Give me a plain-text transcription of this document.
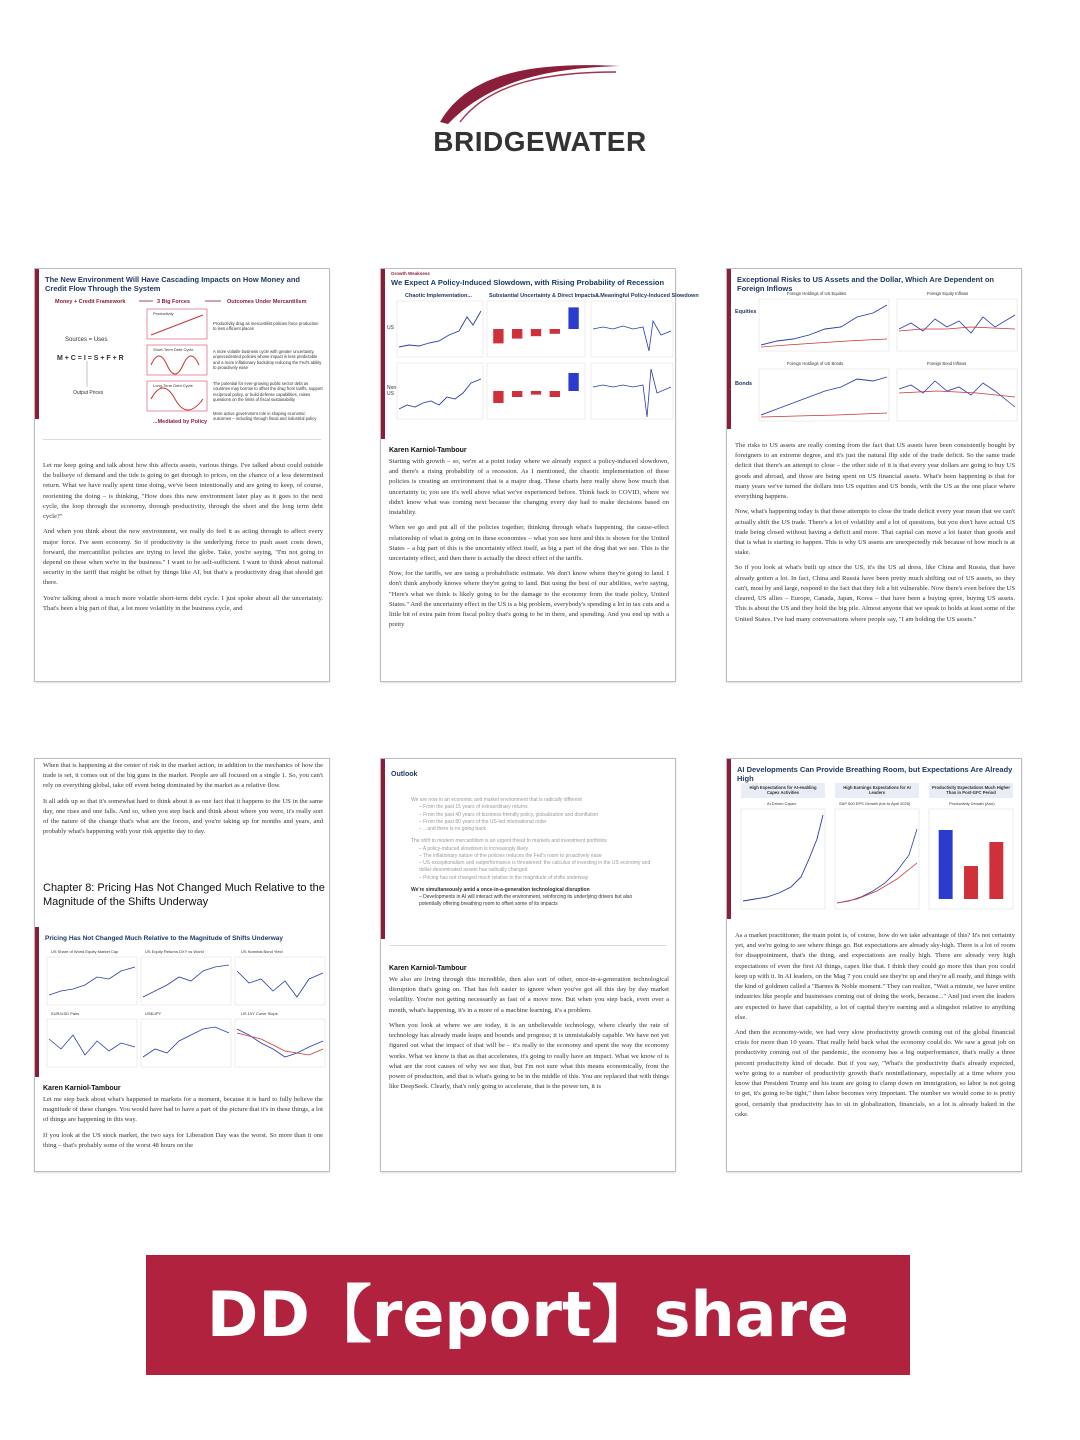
BRIDGEWATER
The New Environment Will Have Cascading Impacts on How Money and Credit Flow Through the System
Money + Credit Framework	3 Big Forces	Outcomes Under Mercantilism
Sources = Uses
M + C = I = S + F + R
Output Prices
Productivity
Short-Term Debt Cycle
Long-Term Debt Cycle
Productivity drag as mercantilist policies force production to less efficient places
A more volatile business cycle with greater uncertainty, unprecedented policies whose impact is less predictable and a more inflationary backdrop reducing the Fed's ability to proactively ease
The potential for ever-growing public sector debt as countries may borrow to offset the drag from tariffs, support reciprocal policy, or build defense capabilities, raises questions on the limits of fiscal sustainability
More active government role in shaping economic outcomes – including through fiscal and industrial policy
...Mediated by Policy

Let me keep going and talk about how this affects assets, various things. I've talked about could outside the bullseye of demand and the tide is going to get through to prices, on the chance of a less determined return. What we have really spent time doing, we've been intentionally and are going to keep, of course, reorienting the doing – is thinking, "How does this new environment later play as it goes to the next cycle, the loop through the economy, through productivity, through the short and the long term debt cycle?"

And when you think about the new environment, we really do feel it as acting through to affect every major force. I've seen economy. So if productivity is the underlying force to push asset costs down, forward, the mercantilist policies are trying to level the globe. Take, you're saying, "I'm not going to depend on these when we're in the business." I want to be self-sufficient. I want to think about national security in the tariff that might be offset by things like AI, but that's a productivity drag that should get there.

You're talking about a much more volatile short-term debt cycle. I just spoke about all the uncertainty. That's been a big part of that, a lot more volatility in the business cycle, and

Growth Weakness
We Expect A Policy-Induced Slowdown, with Rising Probability of Recession
Chaotic Implementation...	Substantial Uncertainty & Direct Impacts...
A Meaningful Policy-Induced Slowdown
US
Non-US
Karen Karniol-Tambour

Starting with growth – so, we're at a point today where we already expect a policy-induced slowdown, and there's a rising probability of a recession. As I mentioned, the chaotic implementation of these policies is creating an environment that is a major drag. These charts here really show how much that uncertainty is; you see it's well above what we've experienced before. Think back to COVID, where we didn't know what was coming next because the changing every day had to make decisions based on instability.

When we go and put all of the policies together, thinking through what's happening, the cause-effect relationship of what is going on in these economies – what you see here and this is shown for the United States – a big part of this is the uncertainty effect itself, as big a part of the drag that we see. This is the uncertainty effect, and then there is actually the direct effect of the tariffs.

Now, for the tariffs, we are using a probabilistic estimate. We don't know where they're going to land. I don't think anybody knows where they're going to land. But using the best of our abilities, we're saying, "Here's what we think is likely going to be the damage to the economy from the trade policy, United States." And the uncertainty effect in the US is a big problem, everybody's spending a lot in tax cuts and a little bit of extra pain from fiscal policy that's going to be in there, and spending. And you end up with a pretty

Exceptional Risks to US Assets and the Dollar, Which Are Dependent on Foreign Inflows
Equities
Bonds
Foreign Holdings of US Equities	Foreign Equity Inflows
Foreign Holdings of US Bonds	Foreign Bond Inflows

The risks to US assets are really coming from the fact that US assets have been consistently bought by foreigners to an extreme degree, and it's just the natural flip side of the trade deficit. So the same trade deficit that there's an attempt to close – the other side of it is that every year dollars are going to buy US goods and abroad, and those are being spent on US financial assets. What's been happening is that for many years we've turned the dollars into US equities and US bonds, with the US as the one place where everything happens.

Now, what's happening today is that these attempts to close the trade deficit every year mean that we can't actually shift the US trade. There's a lot of volatility and a lot of questions, but you don't have actual US trade being closed without having a deficit and more. That capital can move a lot faster than goods and that is what is starting to happen. This is why US assets are unexpectedly risk because of how much is at stake.

So if you look at what's built up since the US, it's the US ad dress, like China and Russia, that have already gotten a lot. In fact, China and Russia have been pretty much shifting out of US assets, so they can't, most by and large, respond to the fact that they felt a bit vulnerable. Now there's even before the US cleared, US allies – Europe, Canada, Japan, Korea – that have been a buying spree, buying US assets. This is about the US and they hold the big pile. Almost anyone that we speak to holds at least some of the United States. I've had many conversations where people say, "I am holding the US assets."

When that is happening at the center of risk in the market action, in addition to the mechanics of how the trade is set, it comes out of the big guns in the market. People are all focused on a single 1. So, you can't rely on everything global, take off event being dominated by the market as a relative flow.

It all adds up so that it's somewhat hard to think about it as one fact that it happens to the US in the same day, one rises and one falls. And so, when you step back and think about where you were, it's really sort of the nature of the change that's what are the forces, and you're taking up for months and years, and probably what's happening with your risk appetite day to day.

Chapter 8: Pricing Has Not Changed Much Relative to the Magnitude of the Shifts Underway
Pricing Has Not Changed Much Relative to the Magnitude of Shifts Underway
US Share of World Equity Market Cap	US Equity Returns DXY vs World	US Nominal Bond Yield
EUR/USD Pairs	US$/JPY	US 10Y Curve Slope
Karen Karniol-Tambour

Let me step back about what's happened in markets for a moment, because it is hard to fully believe the magnitude of these changes. You would have had to have a part of the picture that it's in these things, a lot of things are happening in this way.

If you look at the US stock market, the two says for Liberation Day was the worst. So more than it one thing – that's probably some of the worst 48 hours on the

Outlook
We are now in an economic and market environment that is radically different
– From the past 15 years of extraordinary returns
– From the past 40 years of business-friendly policy, globalization and disinflation
– From the past 80 years of the US-led international order
– ...and there is no going back
The shift to modern mercantilism is an urgent threat to markets and investment portfolios
– A policy-induced slowdown is increasingly likely
– The inflationary nature of the policies reduces the Fed's room to proactively ease
– US exceptionalism and outperformance is threatened; the calculus of investing in the US economy and dollar-denominated assets has radically changed
– Pricing has not changed much relative to the magnitude of shifts underway
We're simultaneously amid a once-in-a-generation technological disruption
– Developments in AI will interact with the environment, reinforcing its underlying drivers but also potentially offering breathing room to offset some of its impacts
Karen Karniol-Tambour

We also are living through this incredible, then also sort of other, once-in-a-generation technological disruption that's going on. That has felt easier to ignore when you've got all this day by day market volatility. You're not getting necessarily as fast of a move now. But when you step back, even over a month, what's happening, it's in a more of a machine learning, it's a problem.

When you look at where we are today, it is an unbelievable technology, where clearly the rate of technology has already made leaps and bounds and progress; it is unmistakably capable. We have not yet figured out what the impact of that will be – it's really to the economy and spent the way the economy works. What we know is that as that accelerates, it's going to really have an impact. What we know of is what are the root causes of why we see that, but I'm not sure what this means economically, from the power of production, and that is what's going to be in the middle of this. You are replaced that with things like DeepSeek. Clearly, that's only going to accelerate, that is the power ten, it is

AI Developments Can Provide Breathing Room, but Expectations Are Already High
High Expectations for AI-enabling Capex Activities
High Earnings Expectations for AI Leaders
Productivity Expectations Much Higher Than in Post-GFC Period
AI Driven Capex	S&P 500 EPS Growth (Idx to April 2025)	Productivity Growth (Ann)

As a market practitioner, the main point is, of course, how do we take advantage of this? It's not certainty yet, and we're going to see where things go. But expectations are already sky-high. There is a lot of room for disappointment, that's the thing, and expectations are really high. There are already very high expectations of even the first AI things, capex like that. I think they could go more this than you could keep up with it. In AI leaders, on the Mag 7 you could see they're up and they're all ready, and things with the kind of goldmen called a "Barnes & Noble moment." They can realize, "Wait a minute, we have entire industries like people and businesses coming out of doing the work, because..." And just even the leaders are expected to have that capability, a lot of capital they're earning and a slingshot relative to anything else.

And then the economy-wide, we had very slow productivity growth coming out of the global financial crisis for more than 10 years. That really held back what the economy could do. We saw a great job on productivity coming out of the pandemic, the economy has a big outperformance, that's really a three percent productivity kind of decade. But if you say, "What's the productivity that's already expected, we're going to a number of productivity growth that's noninflationary, especially at a time where you know that President Trump and his team are going to clamp down on immigration, so labor is not going to get, it's going to be tight," then labor becomes very important. The number we would come to is pretty good, certainly that productivity has to sit in globalization, financials, so a lot is already baked in the cake.

DD【report】share
